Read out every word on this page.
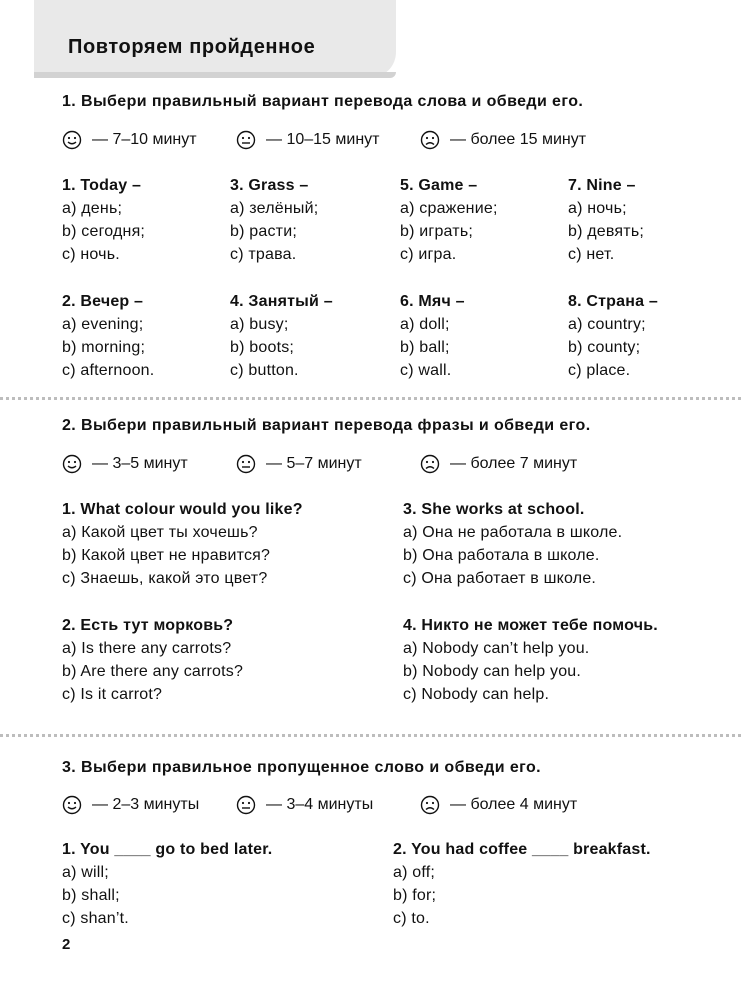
Повторяем пройденное
1. Выбери правильный вариант перевода слова и обведи его.
— 7–10 минут	— 10–15 минут	— более 15 минут
1. Today –
a) день;
b) сегодня;
c) ночь.
3. Grass –
a) зелёный;
b) расти;
c) трава.
5. Game –
a) сражение;
b) играть;
c) игра.
7. Nine –
a) ночь;
b) девять;
c) нет.
2. Вечер –
a) evening;
b) morning;
c) afternoon.
4. Занятый –
a) busy;
b) boots;
c) button.
6. Мяч –
a) doll;
b) ball;
c) wall.
8. Страна –
a) country;
b) county;
c) place.
2. Выбери правильный вариант перевода фразы и обведи его.
— 3–5 минут	— 5–7 минут	— более 7 минут
1. What colour would you like?
a) Какой цвет ты хочешь?
b) Какой цвет не нравится?
c) Знаешь, какой это цвет?
3. She works at school.
a) Она не работала в школе.
b) Она работала в школе.
c) Она работает в школе.
2. Есть тут морковь?
a) Is there any carrots?
b) Are there any carrots?
c) Is it carrot?
4. Никто не может тебе помочь.
a) Nobody can’t help you.
b) Nobody can help you.
c) Nobody can help.
3. Выбери правильное пропущенное слово и обведи его.
— 2–3 минуты	— 3–4 минуты	— более 4 минут
1. You ____ go to bed later.
a) will;
b) shall;
c) shan’t.
2. You had coffee ____ breakfast.
a) off;
b) for;
c) to.
2
